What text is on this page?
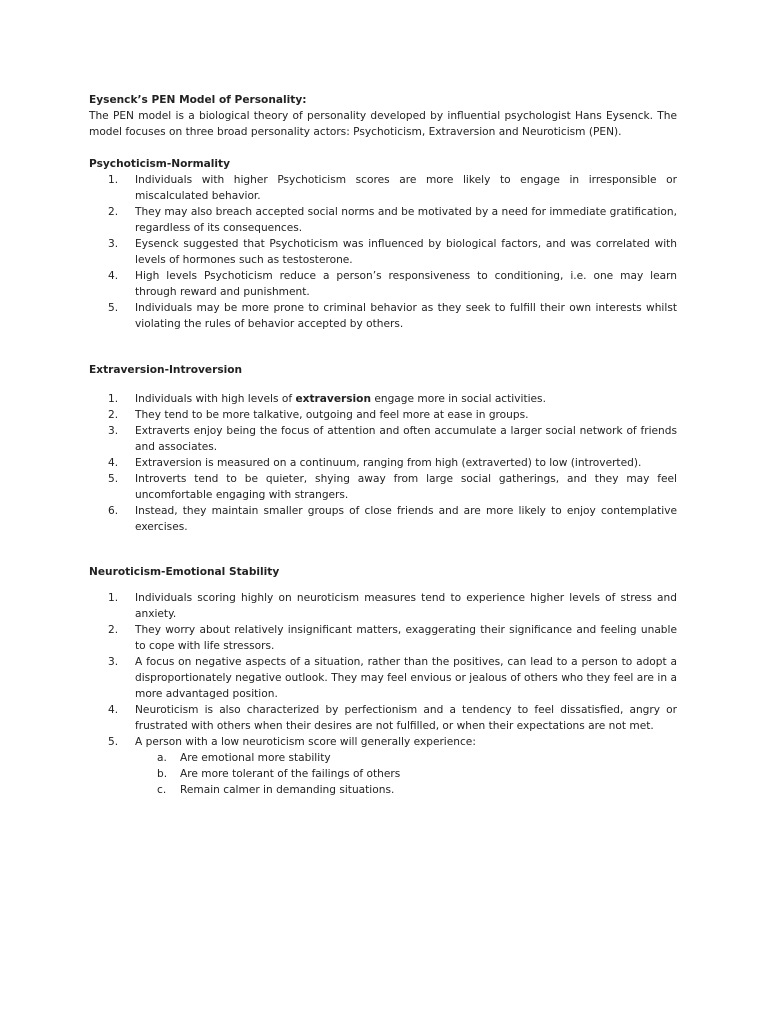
Eysenck’s PEN Model of Personality:

The PEN model is a biological theory of personality developed by influential psychologist Hans Eysenck. The model focuses on three broad personality actors: Psychoticism, Extraversion and Neuroticism (PEN).

Psychoticism-Normality

1.	Individuals with higher Psychoticism scores are more likely to engage in irresponsible or miscalculated behavior.
2.	They may also breach accepted social norms and be motivated by a need for immediate gratification, regardless of its consequences.
3.	Eysenck suggested that Psychoticism was influenced by biological factors, and was correlated with levels of hormones such as testosterone.
4.	High levels Psychoticism reduce a person’s responsiveness to conditioning, i.e. one may learn through reward and punishment.
5.	Individuals may be more prone to criminal behavior as they seek to fulfill their own interests whilst violating the rules of behavior accepted by others.

Extraversion-Introversion

1.	Individuals with high levels of extraversion engage more in social activities.
2.	They tend to be more talkative, outgoing and feel more at ease in groups.
3.	Extraverts enjoy being the focus of attention and often accumulate a larger social network of friends and associates.
4.	Extraversion is measured on a continuum, ranging from high (extraverted) to low (introverted).
5.	Introverts tend to be quieter, shying away from large social gatherings, and they may feel uncomfortable engaging with strangers.
6.	Instead, they maintain smaller groups of close friends and are more likely to enjoy contemplative exercises.

Neuroticism-Emotional Stability

1.	Individuals scoring highly on neuroticism measures tend to experience higher levels of stress and anxiety.
2.	They worry about relatively insignificant matters, exaggerating their significance and feeling unable to cope with life stressors.
3.	A focus on negative aspects of a situation, rather than the positives, can lead to a person to adopt a disproportionately negative outlook. They may feel envious or jealous of others who they feel are in a more advantaged position.
4.	Neuroticism is also characterized by perfectionism and a tendency to feel dissatisfied, angry or frustrated with others when their desires are not fulfilled, or when their expectations are not met.
5.	A person with a low neuroticism score will generally experience:
a. Are emotional more stability
b. Are more tolerant of the failings of others
c. Remain calmer in demanding situations.
